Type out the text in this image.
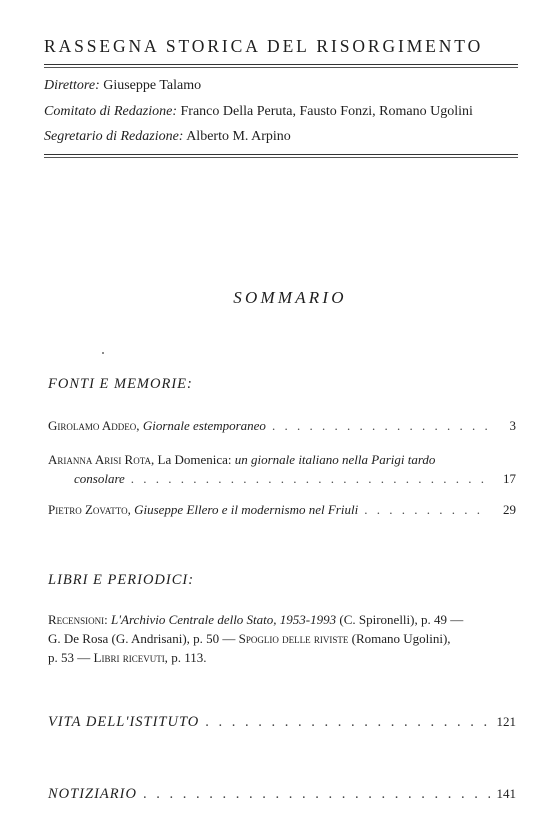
RASSEGNA STORICA DEL RISORGIMENTO
Direttore: Giuseppe Talamo
Comitato di Redazione: Franco Della Peruta, Fausto Fonzi, Romano Ugolini
Segretario di Redazione: Alberto M. Arpino
SOMMARIO
FONTI E MEMORIE:
Girolamo Addeo, Giornale estemporaneo . . .	3
Arianna Arisi Rota, La Domenica: un giornale italiano nella Parigi tardo
consolare . . .	17
Pietro Zovatto, Giuseppe Ellero e il modernismo nel Friuli . . .	29
LIBRI E PERIODICI:
Recensioni: L'Archivio Centrale dello Stato, 1953-1993 (C. Spironelli), p. 49 —
G. De Rosa (G. Andrisani), p. 50 — Spoglio delle riviste (Romano Ugolini),
p. 53 — Libri ricevuti, p. 113.
VITA DELL'ISTITUTO . . .	121
NOTIZIARIO . . .	141
